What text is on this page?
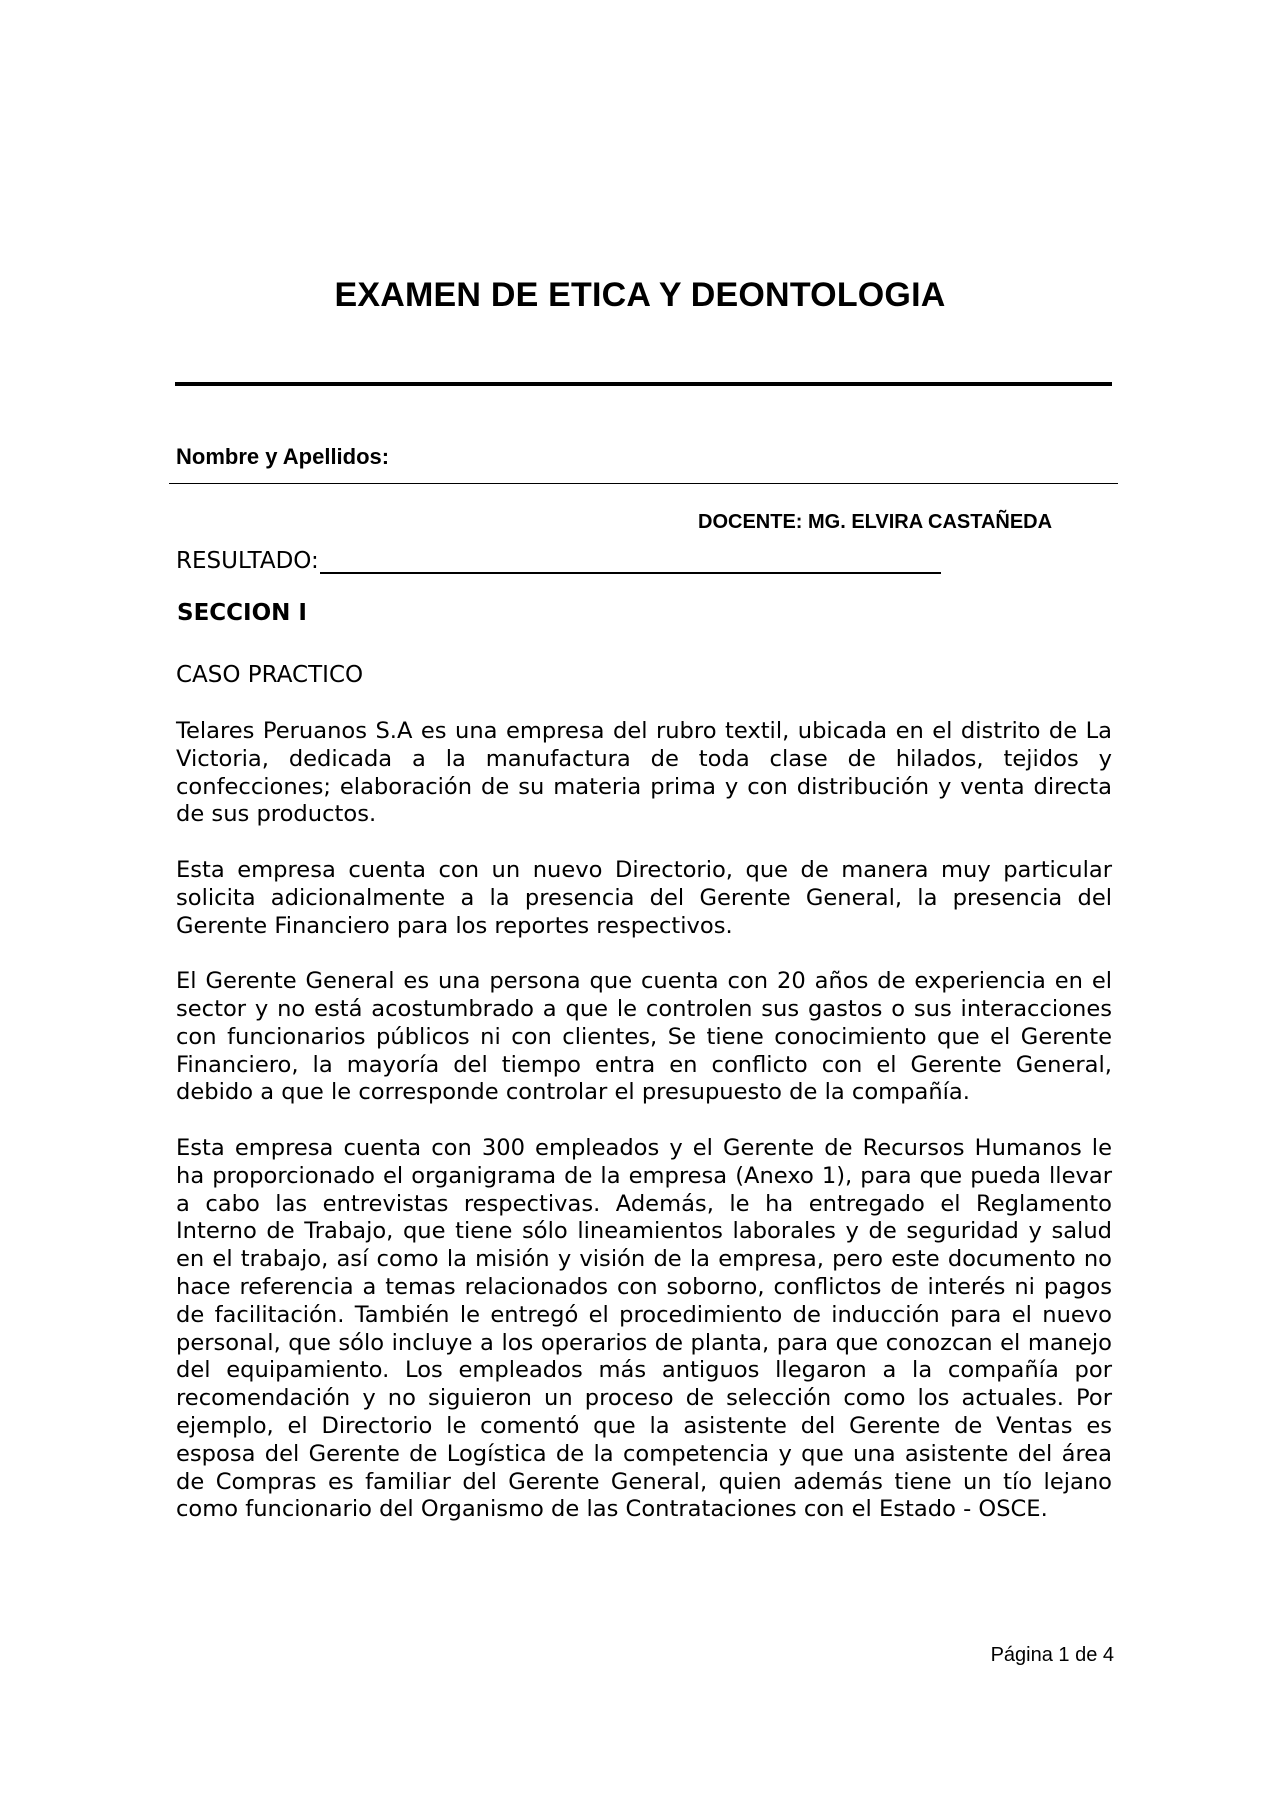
EXAMEN DE ETICA Y DEONTOLOGIA
Nombre y Apellidos:
DOCENTE: MG. ELVIRA CASTAÑEDA
RESULTADO:
SECCION I
CASO PRACTICO

Telares Peruanos S.A es una empresa del rubro textil, ubicada en el distrito de La Victoria, dedicada a la manufactura de toda clase de hilados, tejidos y confecciones; elaboración de su materia prima y con distribución y venta directa de sus productos.

Esta empresa cuenta con un nuevo Directorio, que de manera muy particular solicita adicionalmente a la presencia del Gerente General, la presencia del Gerente Financiero para los reportes respectivos.

El Gerente General es una persona que cuenta con 20 años de experiencia en el sector y no está acostumbrado a que le controlen sus gastos o sus interacciones con funcionarios públicos ni con clientes, Se tiene conocimiento que el Gerente Financiero, la mayoría del tiempo entra en conflicto con el Gerente General, debido a que le corresponde controlar el presupuesto de la compañía.

Esta empresa cuenta con 300 empleados y el Gerente de Recursos Humanos le ha proporcionado el organigrama de la empresa (Anexo 1), para que pueda llevar a cabo las entrevistas respectivas. Además, le ha entregado el Reglamento Interno de Trabajo, que tiene sólo lineamientos laborales y de seguridad y salud en el trabajo, así como la misión y visión de la empresa, pero este documento no hace referencia a temas relacionados con soborno, conflictos de interés ni pagos de facilitación. También le entregó el procedimiento de inducción para el nuevo personal, que sólo incluye a los operarios de planta, para que conozcan el manejo del equipamiento. Los empleados más antiguos llegaron a la compañía por recomendación y no siguieron un proceso de selección como los actuales. Por ejemplo, el Directorio le comentó que la asistente del Gerente de Ventas es esposa del Gerente de Logística de la competencia y que una asistente del área de Compras es familiar del Gerente General, quien además tiene un tío lejano como funcionario del Organismo de las Contrataciones con el Estado - OSCE.

Página 1 de 4
